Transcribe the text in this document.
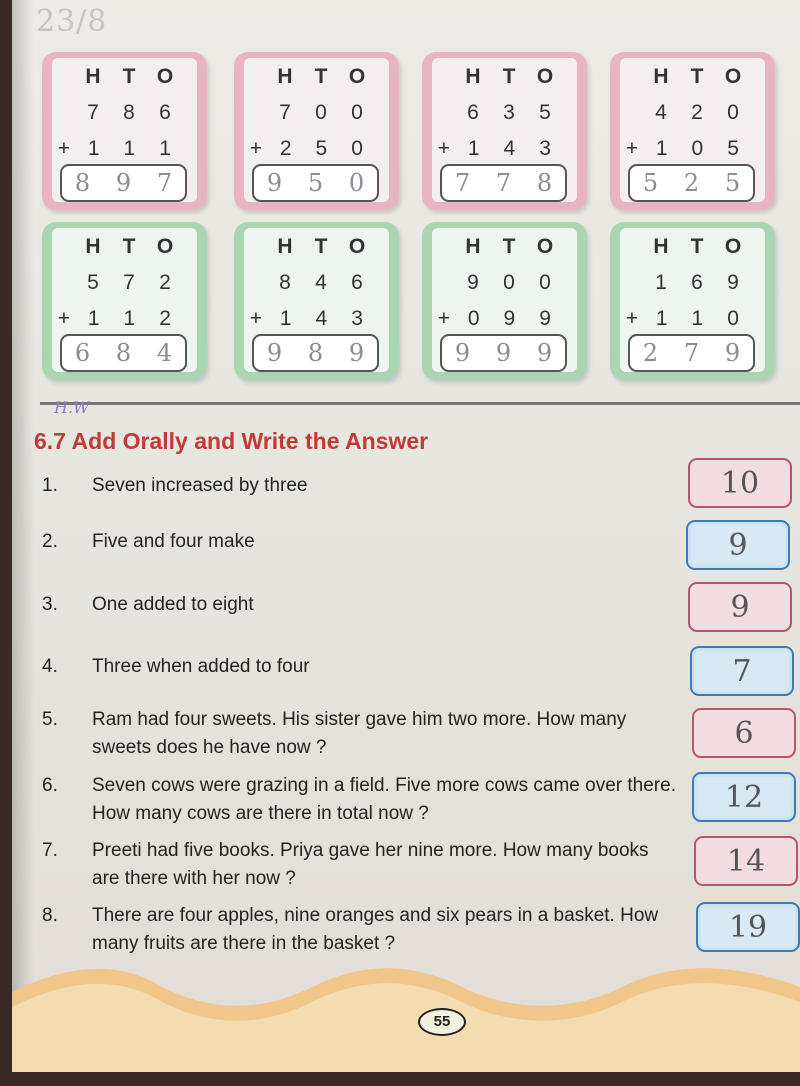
23/8
H	T	O
7	8	6
+ 1	1	1
8 9 7
H	T	O
7	0	0
+ 2	5	0
9 5 0
H	T	O
6	3	5
+ 1	4	3
7 7 8
H	T	O
4	2	0
+ 1	0	5
5 2 5
H	T	O
5	7	2
+ 1	1	2
6 8 4
H	T	O
8	4	6
+ 1	4	3
9 8 9
H	T	O
9	0	0
+ 0	9	9
9 9 9
H	T	O
1	6	9
+ 1	1	0
2 7 9
H.W
6.7 Add Orally and Write the Answer
1.	Seven increased by three	10
2.	Five and four make	9
3.	One added to eight	9
4.	Three when added to four	7
5.	Ram had four sweets. His sister gave him two more. How many sweets does he have now ?	6
6.	Seven cows were grazing in a field. Five more cows came over there. How many cows are there in total now ?	12
7.	Preeti had five books. Priya gave her nine more. How many books are there with her now ?	14
8.	There are four apples, nine oranges and six pears in a basket. How many fruits are there in the basket ?	19
55
